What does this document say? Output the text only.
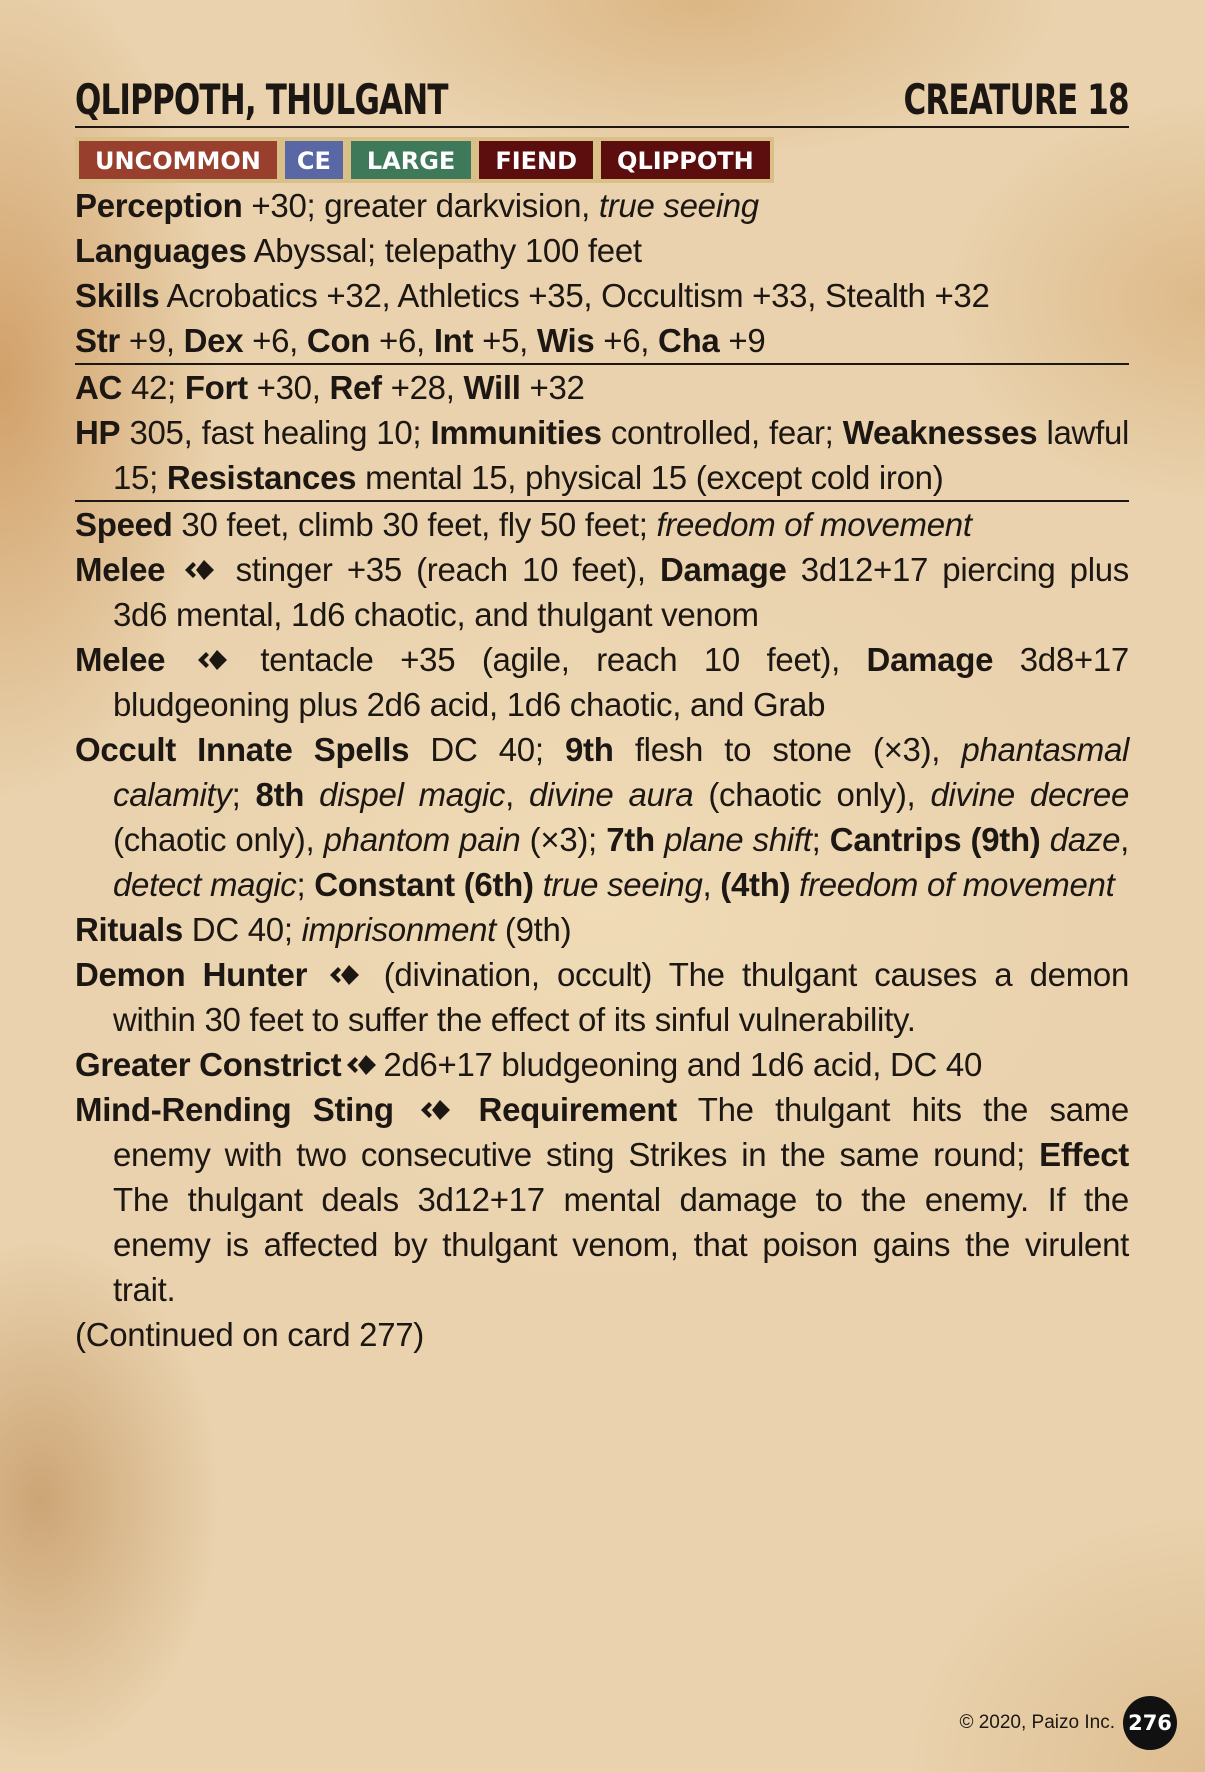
QLIPPOTH, THULGANT	CREATURE 18
UNCOMMON	CE	LARGE	FIEND	QLIPPOTH
Perception +30; greater darkvision, true seeing
Languages Abyssal; telepathy 100 feet
Skills Acrobatics +32, Athletics +35, Occultism +33, Stealth +32
Str +9, Dex +6, Con +6, Int +5, Wis +6, Cha +9
AC 42; Fort +30, Ref +28, Will +32
HP 305, fast healing 10; Immunities controlled, fear; Weaknesses lawful 15; Resistances mental 15, physical 15 (except cold iron)
Speed 30 feet, climb 30 feet, fly 50 feet; freedom of movement
Melee stinger +35 (reach 10 feet), Damage 3d12+17 piercing plus 3d6 mental, 1d6 chaotic, and thulgant venom
Melee	tentacle +35 (agile, reach 10 feet), Damage 3d8+17 bludgeoning plus 2d6 acid, 1d6 chaotic, and Grab
Occult Innate Spells DC 40; 9th flesh to stone (×3), phantasmal calamity; 8th dispel magic, divine aura (chaotic only), divine decree (chaotic only), phantom pain (×3); 7th plane shift; Cantrips (9th) daze, detect magic; Constant (6th) true seeing, (4th) freedom of movement
Rituals DC 40; imprisonment (9th)
Demon Hunter (divination, occult) The thulgant causes a demon within 30 feet to suffer the effect of its sinful vulnerability.
Greater Constrict 2d6+17 bludgeoning and 1d6 acid, DC 40
Mind-Rending Sting	Requirement The thulgant hits the same enemy with two consecutive sting Strikes in the same round; Effect The thulgant deals 3d12+17 mental damage to the enemy. If the enemy is affected by thulgant venom, that poison gains the virulent trait.
(Continued on card 277)
© 2020, Paizo Inc. 276
